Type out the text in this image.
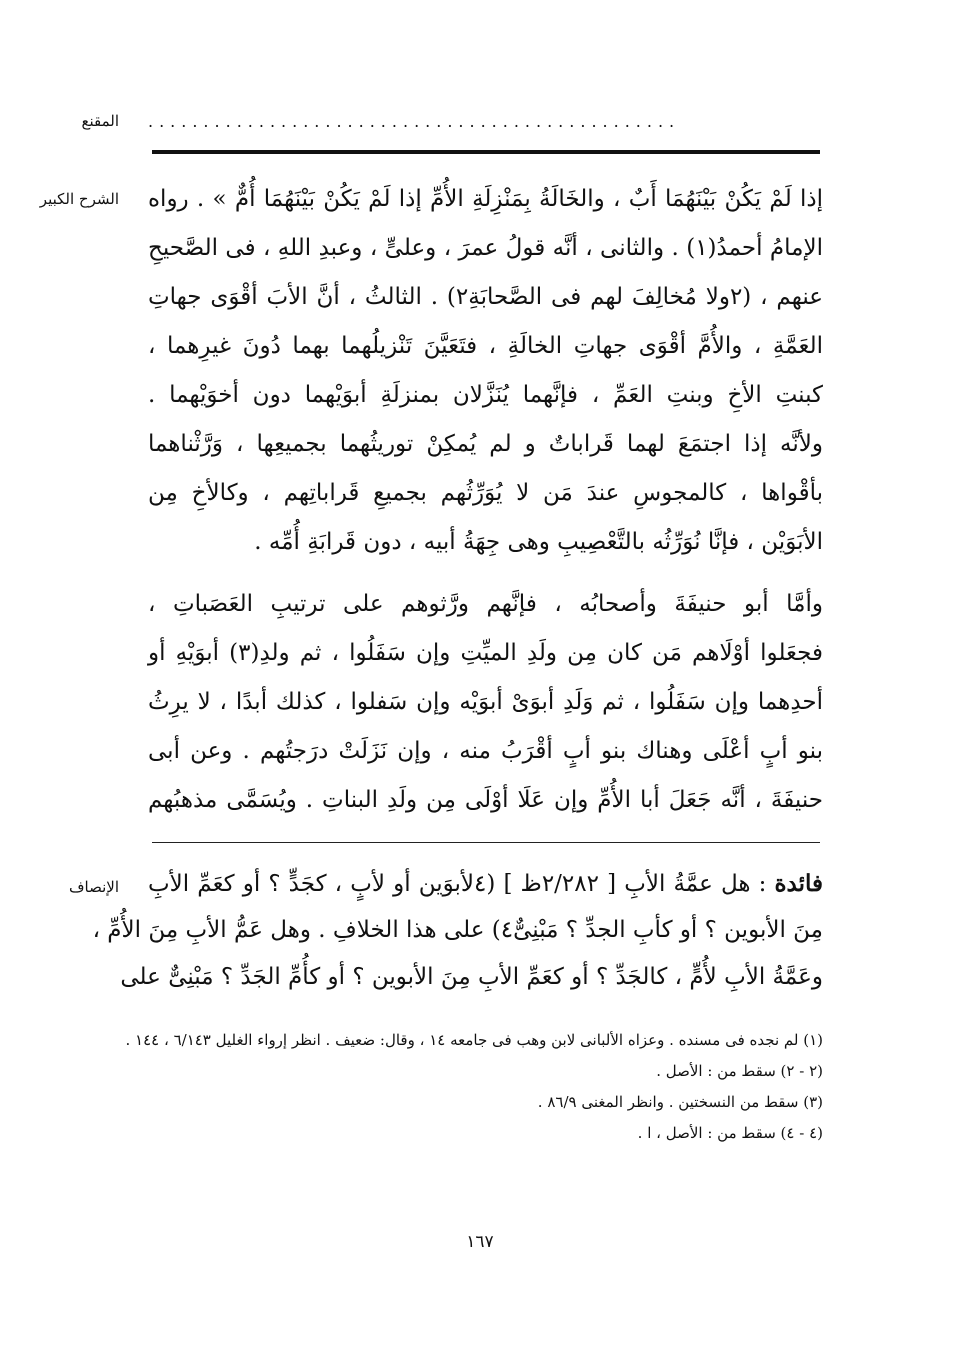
المقنع ................................................
الشرح الكبير إذا لَمْ يَكُنْ بَيْنَهُمَا أَبٌ ، والخَالَةُ بِمَنْزِلَةِ الأُمِّ إذا لَمْ يَكُنْ بَيْنَهُمَا أُمٌّ » . رواه
الإمامُ أحمدُ(١) . والثانى ، أنَّه قولُ عمرَ ، وعلىٍّ ، وعبدِ اللهِ ، فى الصَّحيحِ
عنهم ، (٢ولا مُخالِفَ لهم فى الصَّحابَةِ٢) . الثالثُ ، أنَّ الأبَ أقْوَى جهاتِ
العَمَّةِ ، والأُمَّ أقْوَى جهاتِ الخالَةِ ، فتَعَيَّنَ تَنْزيلُهما بهما دُونَ غيرِهما ،
كبنتِ الأخِ وبنتِ العَمِّ ، فإنَّهما يُنَزَّلان بمنزلَةِ أبوَيْهما دون أخوَيْهما .
ولأنَّه إذا اجتمَعَ لهما قَراباتٌ و لم يُمكِنْ توريثُهما بجميعِها ، وَرَّثْناهما
بأقْواها ، كالمجوسِ عندَ مَن لا يُوَرِّثُهم بجميعِ قَراباتِهم ، وكالأخِ مِن
الأبَوَيْن ، فإنَّا نُوَرِّثُه بالتَّعْصِيبِ وهى جِهَةُ أبيه ، دون قَرابَةِ أُمِّه .
وأمَّا أبو حنيفَةَ وأصحابُه ، فإنَّهم ورَّثوهم على ترتيبِ العَصَباتِ ،
فجعَلوا أوْلَاهم مَن كان مِن ولَدِ الميِّتِ وإن سَفَلُوا ، ثم ولدِ(٣) أبوَيْهِ أو
أحدِهما وإن سَفَلُوا ، ثم وَلَدِ أبوَىْ أبوَيْه وإن سَفلوا ، كذلك أبدًا ، لا يرِثُ
بنو أبٍ أعْلَى وهناك بنو أبٍ أقْرَبُ منه ، وإن نَزَلَتْ درَجتُهم . وعن أبى
حنيفَةَ ، أنَّه جَعَلَ أبا الأُمِّ وإن عَلَا أوْلَى مِن ولَدِ البناتِ . ويُسَمَّى مذهبُهم
الإنصاف	فائدة : هل عمَّةُ الأبِ [ ٢/٢٨٢ظ ] (٤لأبوَين أو لأبٍ ، كجَدٍّ ؟ أو كعَمِّ الأبِ
مِنَ الأبوين ؟ أو كأبِ الجدِّ ؟ مَبْنِىٌّ٤) على هذا الخلافِ . وهل عَمُّ الأبِ مِنَ الأُمِّ ،
وعَمَّةُ الأبِ لأُمٍّ ، كالجَدِّ ؟ أو كعَمِّ الأبِ مِنَ الأبوين ؟ أو كأُمِّ الجَدِّ ؟ مَبْنِىٌّ على
(١) لم نجده فى مسنده . وعزاه الألبانى لابن وهب فى جامعه ١٤ ، وقال: ضعيف . انظر إرواء الغليل ٦/١٤٣ ، ١٤٤ .
(٢ - ٢) سقط من : الأصل .
(٣) سقط من النسختين . وانظر المغنى ٨٦/٩ .
(٤ - ٤) سقط من : الأصل ، ا .
١٦٧
